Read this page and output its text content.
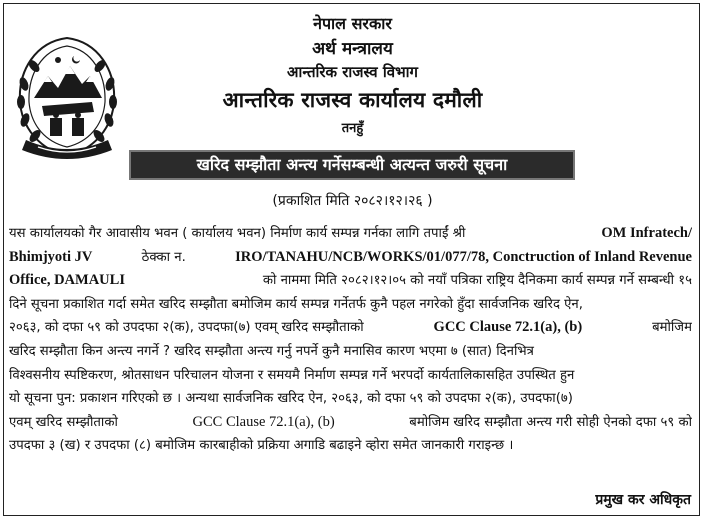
नेपाल सरकार
अर्थ मन्त्रालय
आन्तरिक राजस्व विभाग
आन्तरिक राजस्व कार्यालय दमौली
तनहुँ
खरिद सम्झौता अन्त्य गर्नेसम्बन्धी अत्यन्त जरुरी सूचना
(प्रकाशित मिति २०८२।१२।२६ )
यस कार्यालयको गैर आवासीय भवन ( कार्यालय भवन) निर्माण कार्य सम्पन्न गर्नका लागि तपाईं श्री	OM Infratech/
Bhimjyoti JV	ठेक्का न.	IRO/TANAHU/NCB/WORKS/01/077/78, Conctruction of Inland Revenue
Office, DAMAULI	को नाममा मिति २०८२।१२।०५ को नयाँ पत्रिका राष्ट्रिय दैनिकमा कार्य सम्पन्न गर्ने सम्बन्धी १५
दिने सूचना प्रकाशित गर्दा समेत खरिद सम्झौता बमोजिम कार्य सम्पन्न गर्नेतर्फ कुनै पहल नगरेको हुँदा सार्वजनिक खरिद ऐन,
२०६३, को दफा ५९ को उपदफा २(क), उपदफा(७) एवम् खरिद सम्झौताको	GCC Clause 72.1(a), (b)	बमोजिम
खरिद सम्झौता किन अन्त्य नगर्ने ? खरिद सम्झौता अन्त्य गर्नु नपर्ने कुनै मनासिव कारण भएमा ७ (सात) दिनभित्र
विश्वसनीय स्पष्टिकरण, श्रोतसाधन परिचालन योजना र समयमै निर्माण सम्पन्न गर्ने भरपर्दो कार्यतालिकासहित उपस्थित हुन
यो सूचना पुन: प्रकाशन गरिएको छ । अन्यथा सार्वजनिक खरिद ऐन, २०६३, को दफा ५९ को उपदफा २(क), उपदफा(७)
एवम् खरिद सम्झौताको	GCC Clause 72.1(a), (b)	बमोजिम खरिद सम्झौता अन्त्य गरी सोही ऐनको दफा ५९ को
उपदफा ३ (ख) र उपदफा (८) बमोजिम कारबाहीको प्रक्रिया अगाडि बढाइने व्होरा समेत जानकारी गराइन्छ ।
प्रमुख कर अधिकृत
